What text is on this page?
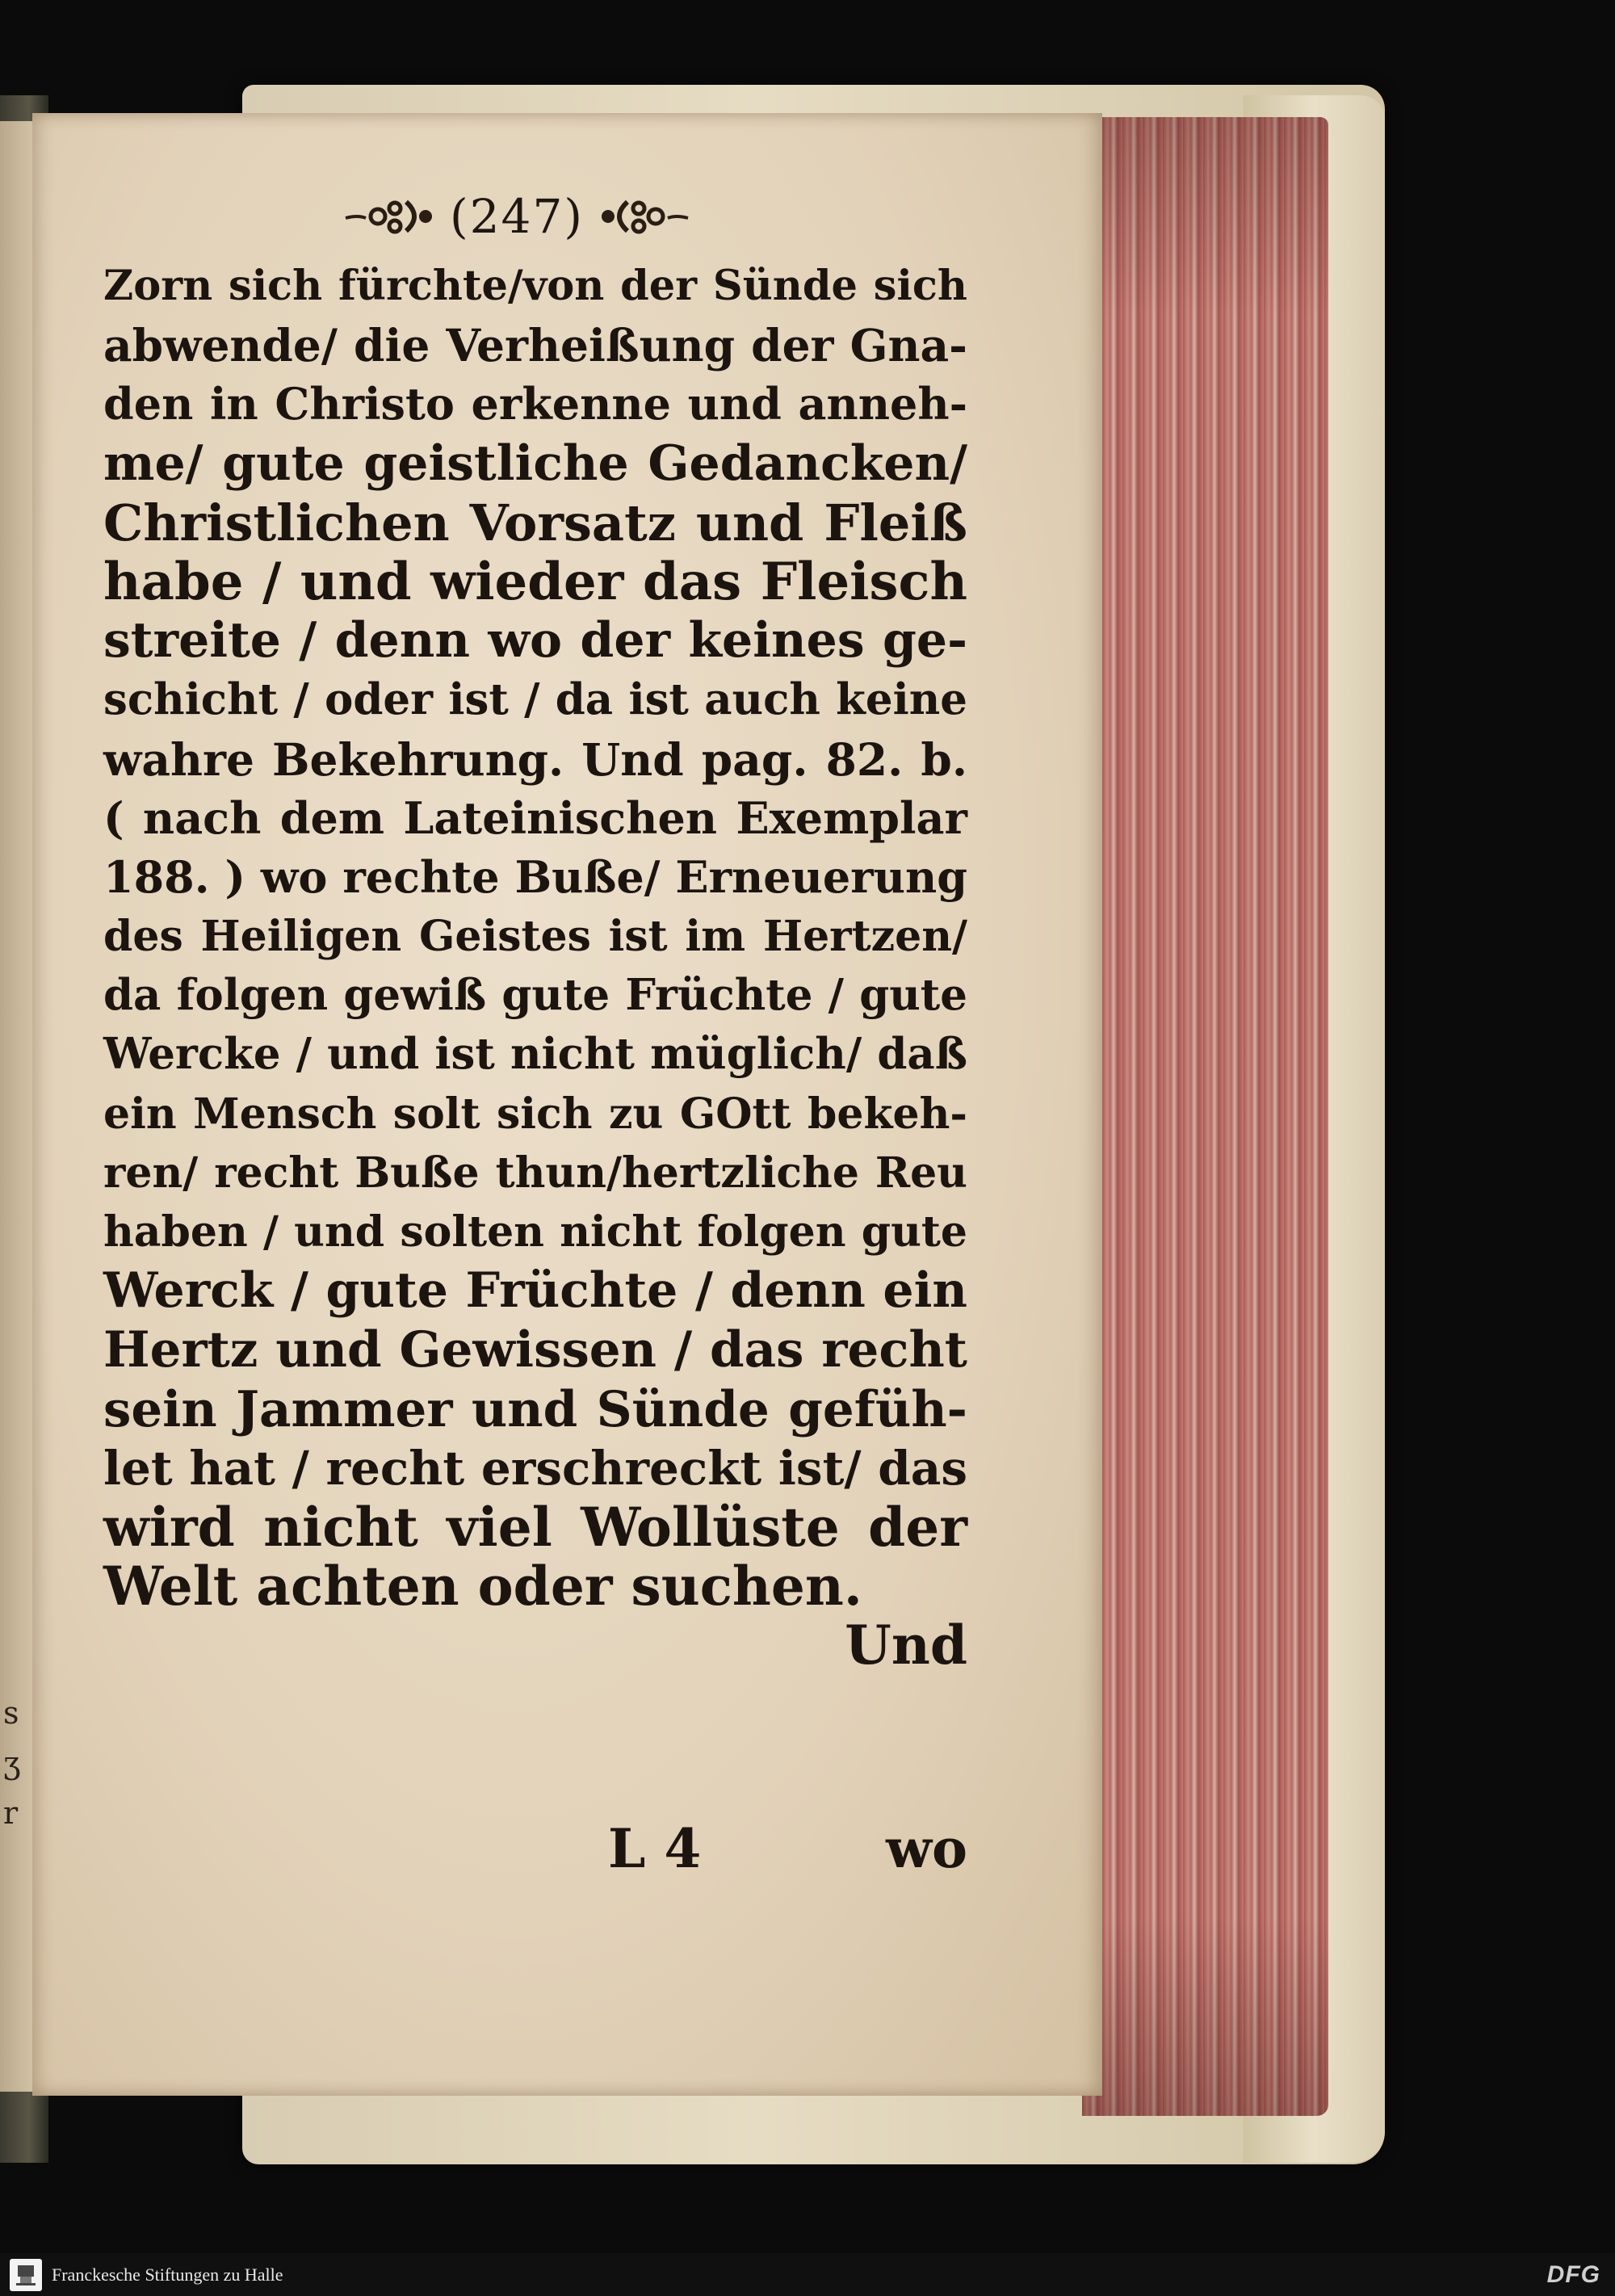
s
ʒ
r
(247)
Zorn sich fürchte/von der Sünde sich
abwende/ die Verheißung der Gna-
den in Christo erkenne und anneh-
me/ gute geistliche Gedancken/
Christlichen Vorsatz und Fleiß
habe / und wieder das Fleisch
streite / denn wo der keines ge-
schicht / oder ist / da ist auch keine
wahre Bekehrung. Und pag. 82. b.
( nach dem Lateinischen Exemplar
188. ) wo rechte Buße/ Erneuerung
des Heiligen Geistes ist im Hertzen/
da folgen gewiß gute Früchte / gute
Wercke / und ist nicht müglich/ daß
ein Mensch solt sich zu GOtt bekeh-
ren/ recht Buße thun/hertzliche Reu
haben / und solten nicht folgen gute
Werck / gute Früchte / denn ein
Hertz und Gewissen / das recht
sein Jammer und Sünde gefüh-
let hat / recht erschreckt ist/ das
wird nicht viel Wollüste der
Welt achten oder suchen.
Und
L 4	wo
Franckesche Stiftungen zu Halle	DFG
